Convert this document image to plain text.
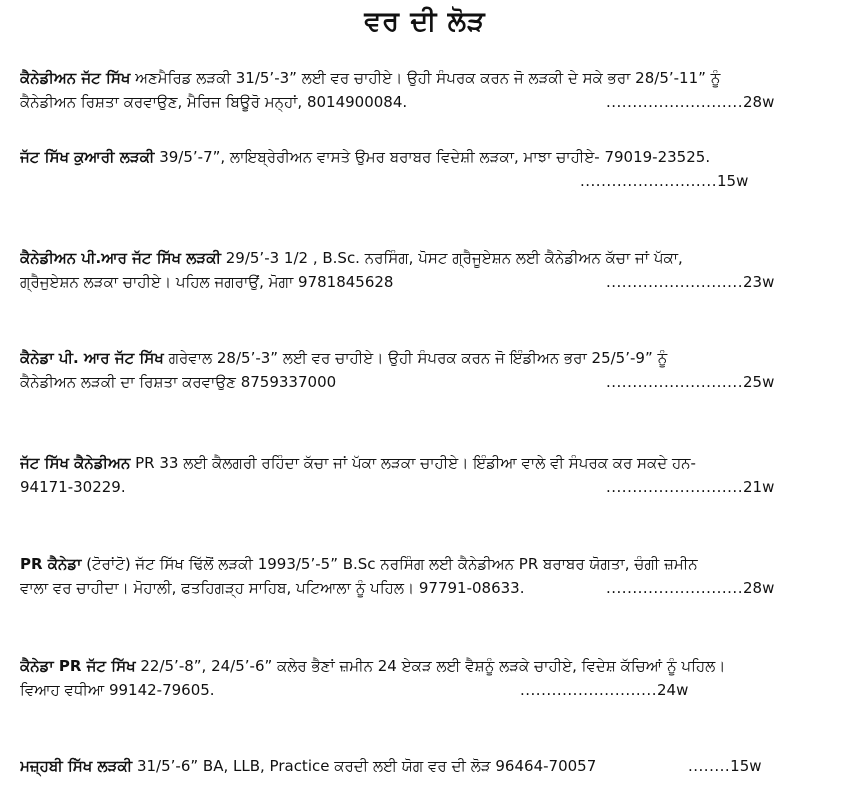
ਵਰ ਦੀ ਲੋੜ
ਕੈਨੇਡੀਅਨ ਜੱਟ ਸਿੱਖ ਅਣਮੈਰਿਡ ਲੜਕੀ 31/5’-3” ਲਈ ਵਰ ਚਾਹੀਏ। ਉਹੀ ਸੰਪਰਕ ਕਰਨ ਜੋ ਲੜਕੀ ਦੇ ਸਕੇ ਭਰਾ 28/5’-11” ਨੂੰ
ਕੈਨੇਡੀਅਨ ਰਿਸ਼ਤਾ ਕਰਵਾਉਣ, ਮੈਰਿਜ ਬਿਊਰੋ ਮਨ੍ਹਾਂ, 8014900084.	..........................28w
ਜੱਟ ਸਿੱਖ ਕੁਆਰੀ ਲੜਕੀ 39/5’-7”, ਲਾਇਬ੍ਰੇਰੀਅਨ ਵਾਸਤੇ ਉਮਰ ਬਰਾਬਰ ਵਿਦੇਸ਼ੀ ਲੜਕਾ, ਮਾਝਾ ਚਾਹੀਏ- 79019-23525.
..........................15w
ਕੈਨੇਡੀਅਨ ਪੀ.ਆਰ ਜੱਟ ਸਿੱਖ ਲੜਕੀ 29/5’-3 1/2 , B.Sc. ਨਰਸਿੰਗ, ਪੋਸਟ ਗ੍ਰੈਜੂਏਸ਼ਨ ਲਈ ਕੈਨੇਡੀਅਨ ਕੱਚਾ ਜਾਂ ਪੱਕਾ,
ਗ੍ਰੈਜੁਏਸ਼ਨ ਲੜਕਾ ਚਾਹੀਏ। ਪਹਿਲ ਜਗਰਾਉਂ, ਮੋਗਾ 9781845628	..........................23w
ਕੈਨੇਡਾ ਪੀ. ਆਰ ਜੱਟ ਸਿੱਖ ਗਰੇਵਾਲ 28/5’-3” ਲਈ ਵਰ ਚਾਹੀਏ। ਉਹੀ ਸੰਪਰਕ ਕਰਨ ਜੋ ਇੰਡੀਅਨ ਭਰਾ 25/5’-9” ਨੂੰ
ਕੈਨੇਡੀਅਨ ਲੜਕੀ ਦਾ ਰਿਸ਼ਤਾ ਕਰਵਾਉਣ 8759337000	..........................25w
ਜੱਟ ਸਿੱਖ ਕੈਨੇਡੀਅਨ PR 33 ਲਈ ਕੈਲਗਰੀ ਰਹਿੰਦਾ ਕੱਚਾ ਜਾਂ ਪੱਕਾ ਲੜਕਾ ਚਾਹੀਏ। ਇੰਡੀਆ ਵਾਲੇ ਵੀ ਸੰਪਰਕ ਕਰ ਸਕਦੇ ਹਨ-
94171-30229.	..........................21w
PR ਕੈਨੇਡਾ (ਟੋਰਾਂਟੋ) ਜੱਟ ਸਿੱਖ ਢਿੱਲੋਂ ਲੜਕੀ 1993/5’-5” B.Sc ਨਰਸਿੰਗ ਲਈ ਕੈਨੇਡੀਅਨ PR ਬਰਾਬਰ ਯੋਗਤਾ, ਚੰਗੀ ਜ਼ਮੀਨ
ਵਾਲਾ ਵਰ ਚਾਹੀਦਾ। ਮੋਹਾਲੀ, ਫਤਹਿਗੜ੍ਹ ਸਾਹਿਬ, ਪਟਿਆਲਾ ਨੂੰ ਪਹਿਲ। 97791-08633.	..........................28w
ਕੈਨੇਡਾ PR ਜੱਟ ਸਿੱਖ 22/5’-8”, 24/5’-6” ਕਲੇਰ ਭੈਣਾਂ ਜ਼ਮੀਨ 24 ਏਕੜ ਲਈ ਵੈਸ਼ਨੂੰ ਲੜਕੇ ਚਾਹੀਏ, ਵਿਦੇਸ਼ ਕੱਚਿਆਂ ਨੂੰ ਪਹਿਲ।
ਵਿਆਹ ਵਧੀਆ 99142-79605.	..........................24w
ਮਜ਼੍ਹਬੀ ਸਿੱਖ ਲੜਕੀ 31/5’-6” BA, LLB, Practice ਕਰਦੀ ਲਈ ਯੋਗ ਵਰ ਦੀ ਲੋੜ 96464-70057	........15w
